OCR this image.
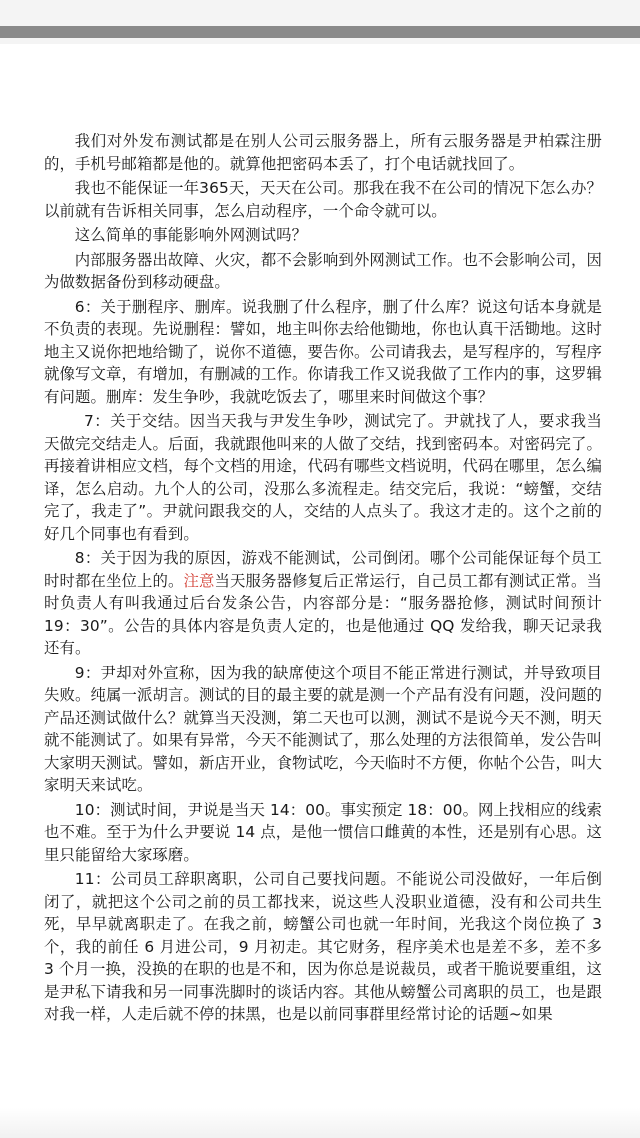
我们对外发布测试都是在别人公司云服务器上，所有云服务器是尹柏霖注册的，手机号邮箱都是他的。就算他把密码本丢了，打个电话就找回了。

我也不能保证一年365天，天天在公司。那我在我不在公司的情况下怎么办？以前就有告诉相关同事，怎么启动程序，一个命令就可以。

这么简单的事能影响外网测试吗？

内部服务器出故障、火灾，都不会影响到外网测试工作。也不会影响公司，因为做数据备份到移动硬盘。

6：关于删程序、删库。说我删了什么程序，删了什么库？说这句话本身就是不负责的表现。先说删程：譬如，地主叫你去给他锄地，你也认真干活锄地。这时地主又说你把地给锄了，说你不道德，要告你。公司请我去，是写程序的，写程序就像写文章，有增加，有删减的工作。你请我工作又说我做了工作内的事，这罗辑有问题。删库：发生争吵，我就吃饭去了，哪里来时间做这个事？

7：关于交结。因当天我与尹发生争吵，测试完了。尹就找了人，要求我当天做完交结走人。后面，我就跟他叫来的人做了交结，找到密码本。对密码完了。再接着讲相应文档，每个文档的用途，代码有哪些文档说明，代码在哪里，怎么编译，怎么启动。九个人的公司，没那么多流程走。结交完后，我说：“螃蟹，交结完了，我走了”。尹就问跟我交的人，交结的人点头了。我这才走的。这个之前的好几个同事也有看到。

8：关于因为我的原因，游戏不能测试，公司倒闭。哪个公司能保证每个员工时时都在坐位上的。注意当天服务器修复后正常运行，自己员工都有测试正常。当时负责人有叫我通过后台发条公告，内容部分是：“服务器抢修，测试时间预计 19：30”。公告的具体内容是负责人定的，也是他通过 QQ 发给我，聊天记录我还有。

9：尹却对外宣称，因为我的缺席使这个项目不能正常进行测试，并导致项目失败。纯属一派胡言。测试的目的最主要的就是测一个产品有没有问题，没问题的产品还测试做什么？就算当天没测，第二天也可以测，测试不是说今天不测，明天就不能测试了。如果有异常，今天不能测试了，那么处理的方法很简单，发公告叫大家明天测试。譬如，新店开业，食物试吃，今天临时不方便，你帖个公告，叫大家明天来试吃。

10：测试时间，尹说是当天 14：00。事实预定 18：00。网上找相应的线索也不难。至于为什么尹要说 14 点，是他一惯信口雌黄的本性，还是别有心思。这里只能留给大家琢磨。

11：公司员工辞职离职，公司自己要找问题。不能说公司没做好，一年后倒闭了，就把这个公司之前的员工都找来，说这些人没职业道德，没有和公司共生死，早早就离职走了。在我之前，螃蟹公司也就一年时间，光我这个岗位换了 3 个，我的前任 6 月进公司，9 月初走。其它财务，程序美术也是差不多，差不多 3 个月一换，没换的在职的也是不和，因为你总是说裁员，或者干脆说要重组，这是尹私下请我和另一同事洗脚时的谈话内容。其他从螃蟹公司离职的员工，也是跟对我一样，人走后就不停的抹黑，也是以前同事群里经常讨论的话题~如果
